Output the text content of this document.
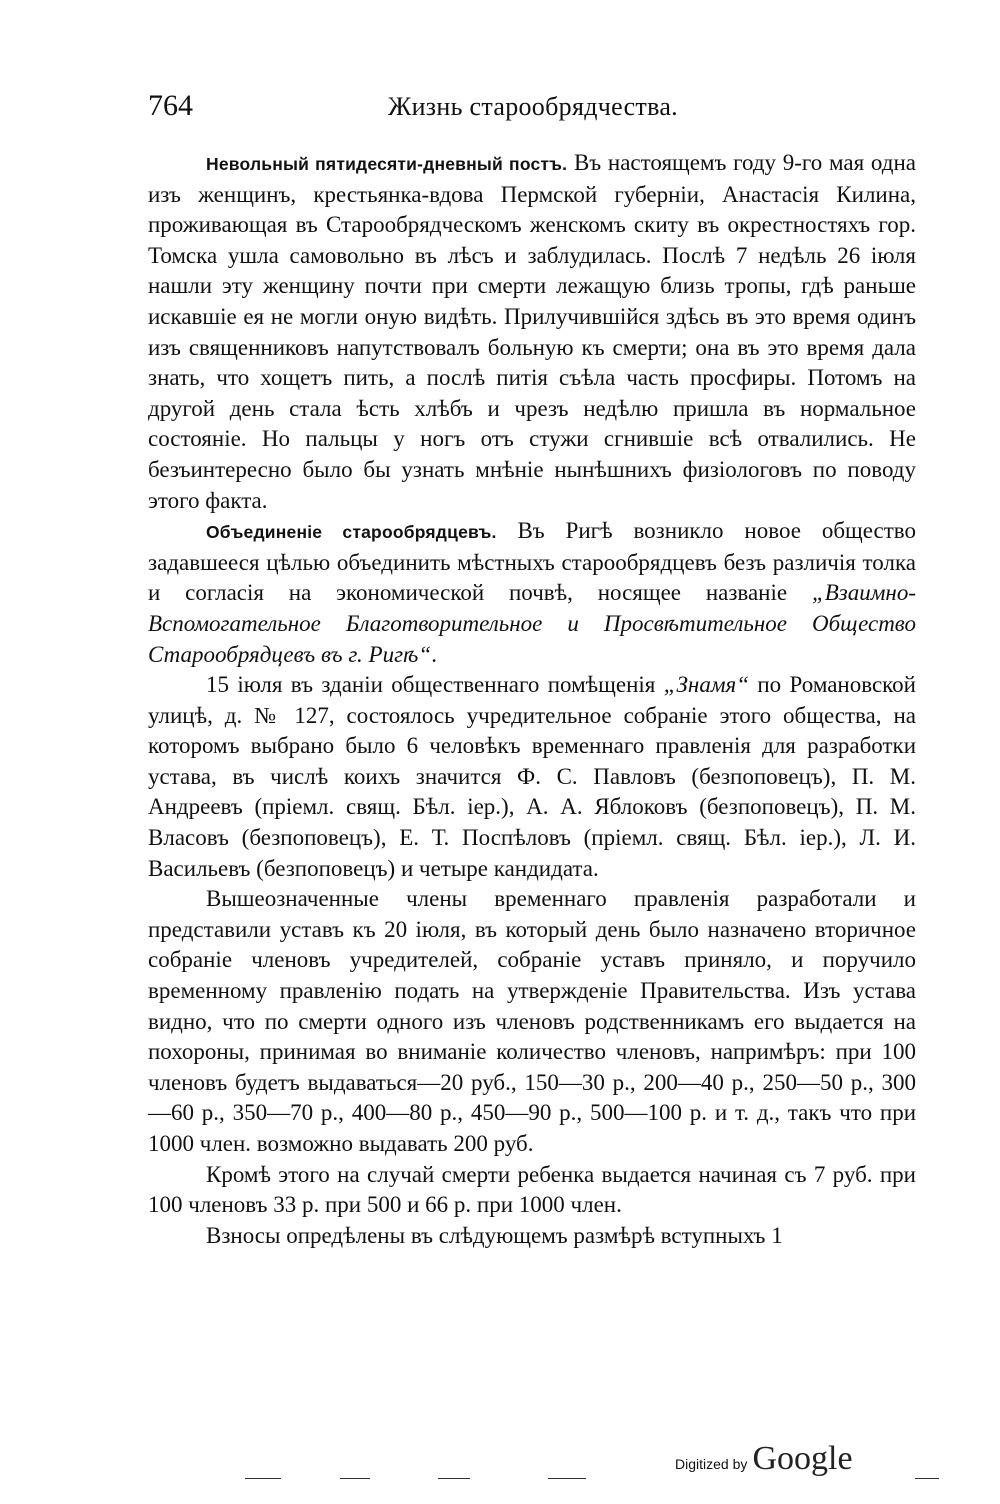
764	Жизнь старообрядчества.

Невольный пятидесяти-дневный постъ. Въ настоящемъ году 9-го мая одна изъ женщинъ, крестьянка-вдова Пермской губерніи, Анастасія Килина, проживающая въ Старообрядческомъ женскомъ скиту въ окрестностяхъ гор. Томска ушла самовольно въ лѣсъ и заблудилась. Послѣ 7 недѣль 26 іюля нашли эту женщину почти при смерти лежащую близь тропы, гдѣ раньше искавшіе ея не могли оную видѣть. Прилучившійся здѣсь въ это время одинъ изъ священниковъ напутствовалъ больную къ смерти; она въ это время дала знать, что хощетъ пить, а послѣ питія съѣла часть просфиры. Потомъ на другой день стала ѣсть хлѣбъ и чрезъ недѣлю пришла въ нормальное состояніе. Но пальцы у ногъ отъ стужи сгнившіе всѣ отвалились. Не безъинтересно было бы узнать мнѣніе нынѣшнихъ физіологовъ по поводу этого факта.

Объединеніе старообрядцевъ. Въ Ригѣ возникло новое общество задавшееся цѣлью объединить мѣстныхъ старообрядцевъ безъ различія толка и согласія на экономической почвѣ, носящее названіе „Взаимно-Вспомогательное Благотворительное и Просвѣтительное Общество Старообрядцевъ въ г. Ригѣ“.

15 іюля въ зданіи общественнаго помѣщенія „Знамя“ по Романовской улицѣ, д. № 127, состоялось учредительное собраніе этого общества, на которомъ выбрано было 6 человѣкъ временнаго правленія для разработки устава, въ числѣ коихъ значится Ф. С. Павловъ (безпоповецъ), П. М. Андреевъ (пріемл. свящ. Бѣл. іер.), А. А. Яблоковъ (безпоповецъ), П. М. Власовъ (безпоповецъ), Е. Т. Поспѣловъ (пріемл. свящ. Бѣл. іер.), Л. И. Васильевъ (безпоповецъ) и четыре кандидата.

Вышеозначенные члены временнаго правленія разработали и представили уставъ къ 20 іюля, въ который день было назначено вторичное собраніе членовъ учредителей, собраніе уставъ приняло, и поручило временному правленію подать на утвержденіе Правительства. Изъ устава видно, что по смерти одного изъ членовъ родственникамъ его выдается на похороны, принимая во вниманіе количество членовъ, напримѣръ: при 100 членовъ будетъ выдаваться—20 руб., 150—30 р., 200—40 р., 250—50 р., 300—60 р., 350—70 р., 400—80 р., 450—90 р., 500—100 р. и т. д., такъ что при 1000 член. возможно выдавать 200 руб.

Кромѣ этого на случай смерти ребенка выдается начиная съ 7 руб. при 100 членовъ 33 р. при 500 и 66 р. при 1000 член.

Взносы опредѣлены въ слѣдующемъ размѣрѣ вступныхъ 1

Digitized by Google
